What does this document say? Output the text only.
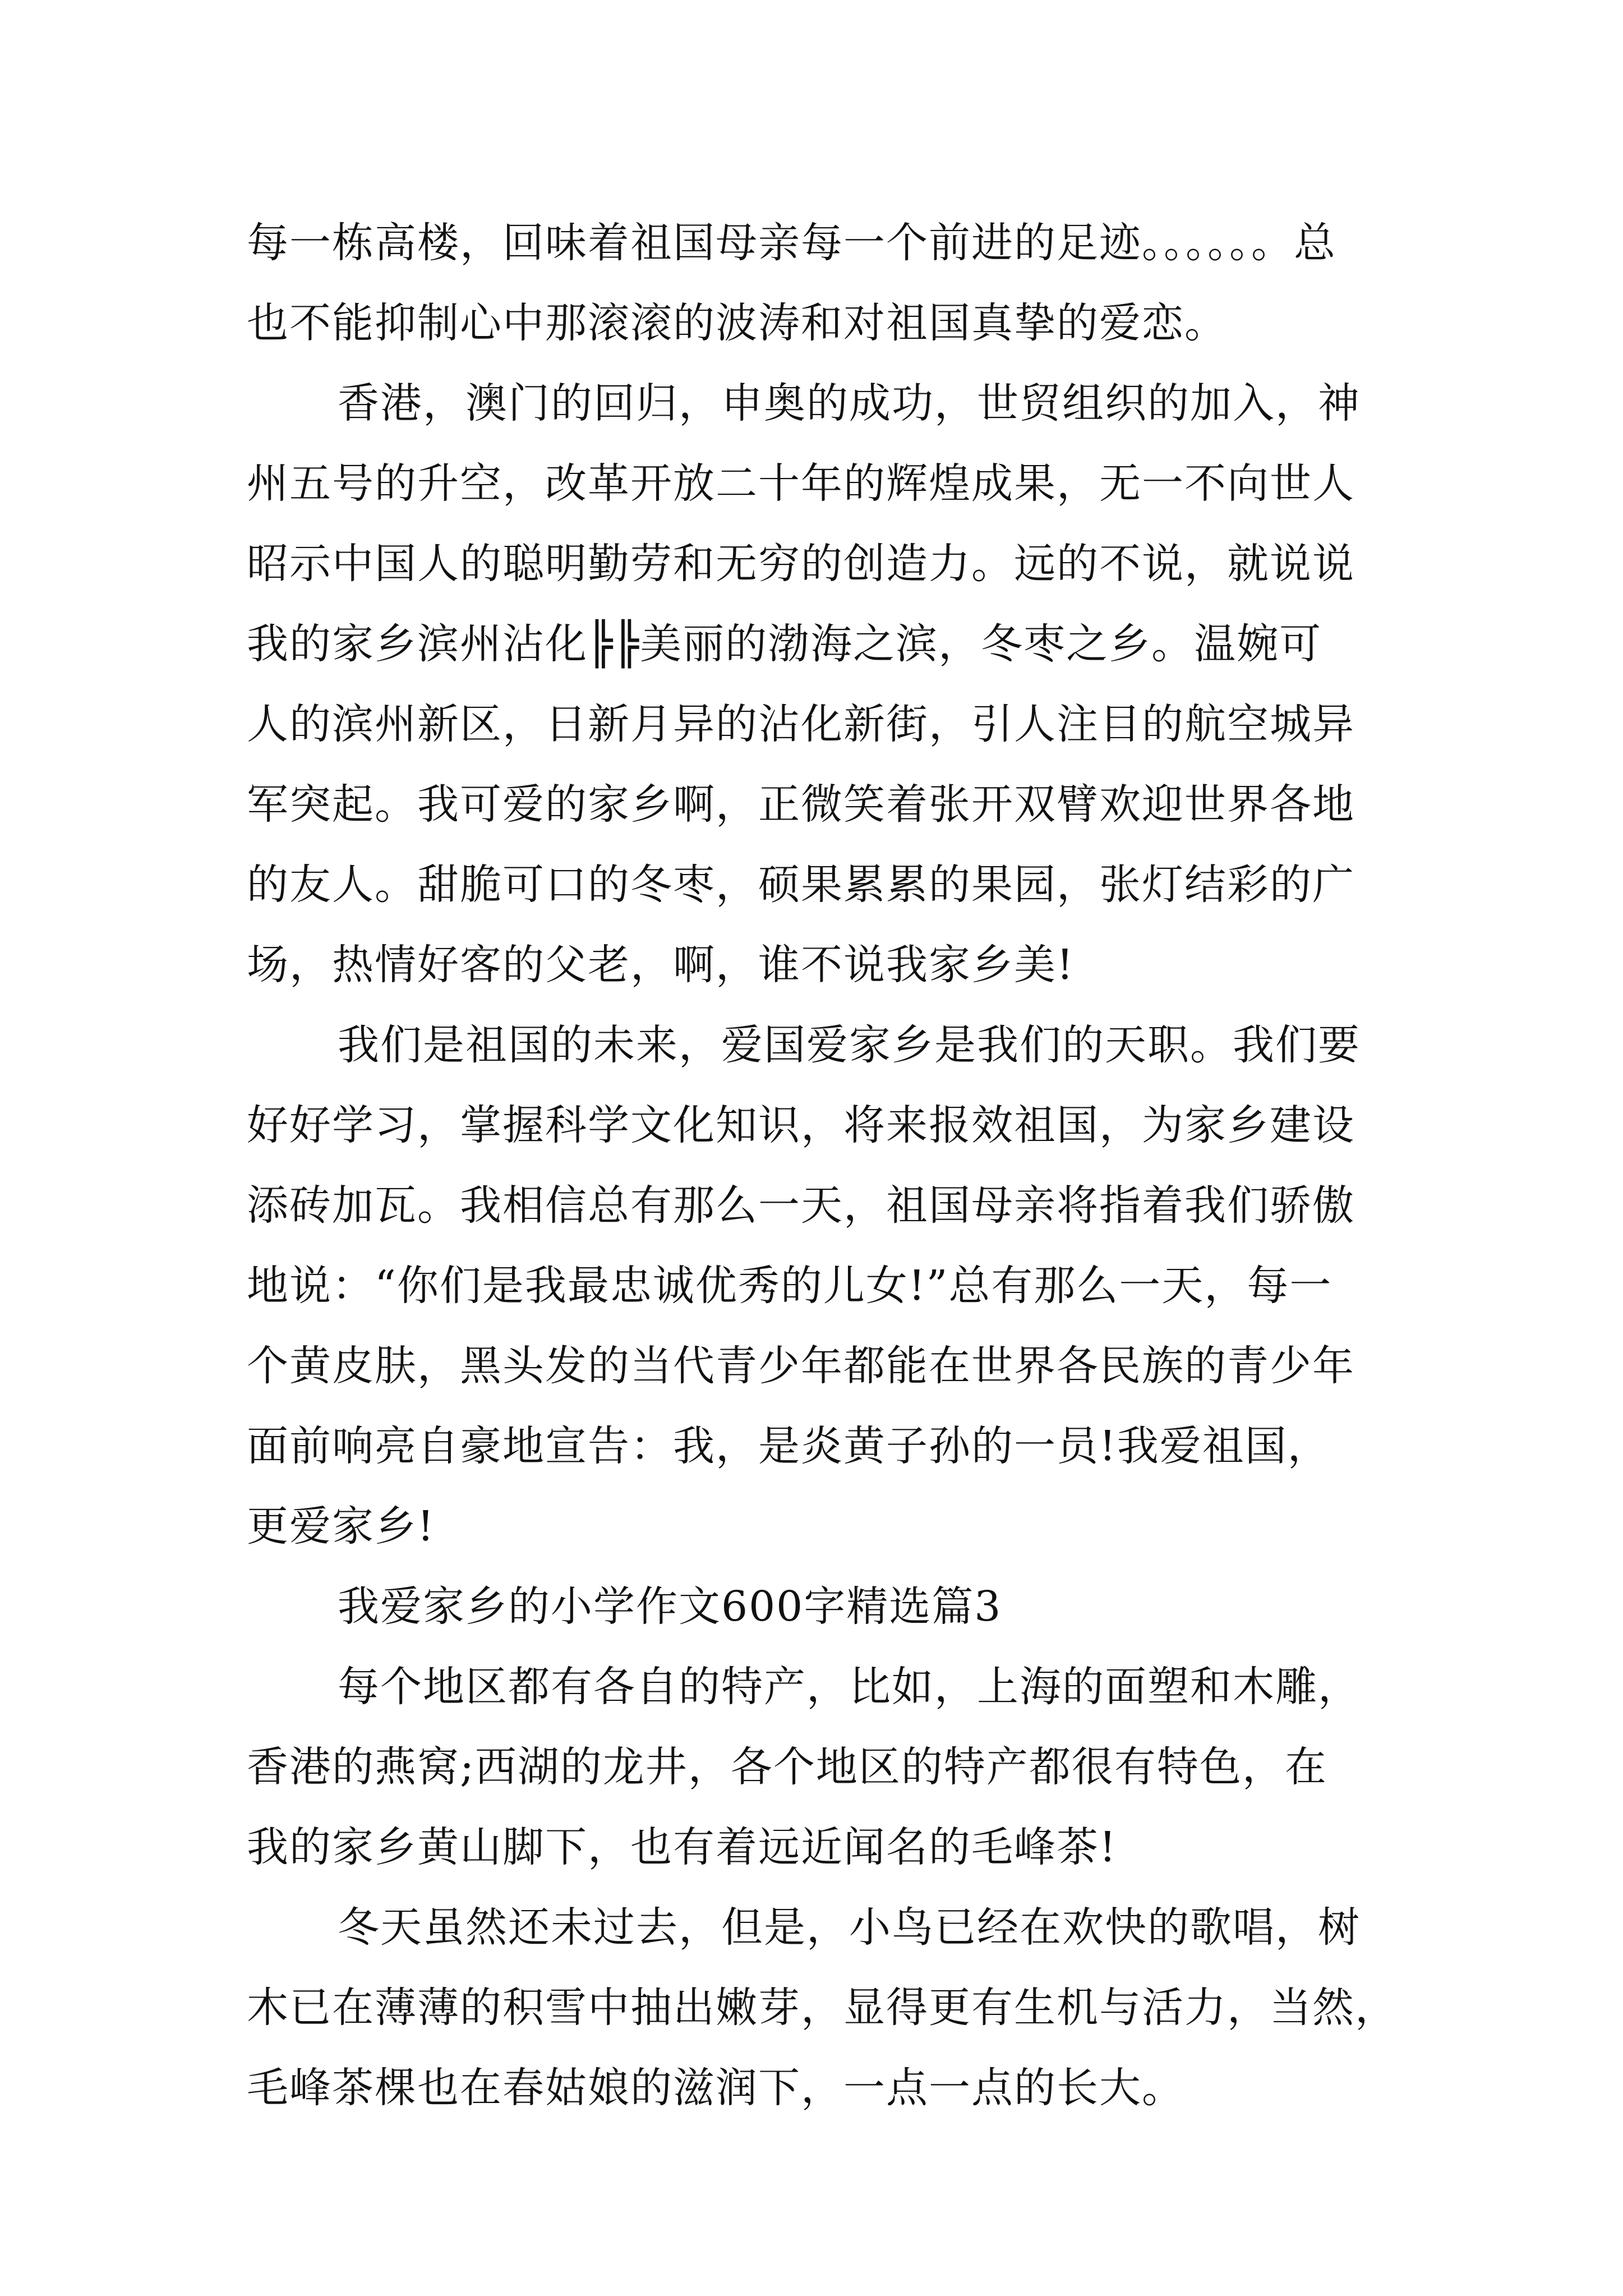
每一栋高楼，回味着祖国母亲每一个前进的足迹。。。。。。总
也不能抑制心中那滚滚的波涛和对祖国真挚的爱恋。
香港，澳门的回归，申奥的成功，世贸组织的加入，神
州五号的升空，改革开放二十年的辉煌成果，无一不向世人
昭示中国人的聪明勤劳和无穷的创造力。远的不说，就说说
我的家乡滨州沾化╠╠美丽的渤海之滨，冬枣之乡。温婉可
人的滨州新区，日新月异的沾化新街，引人注目的航空城异
军突起。我可爱的家乡啊，正微笑着张开双臂欢迎世界各地
的友人。甜脆可口的冬枣，硕果累累的果园，张灯结彩的广
场，热情好客的父老，啊，谁不说我家乡美!
我们是祖国的未来，爱国爱家乡是我们的天职。我们要
好好学习，掌握科学文化知识，将来报效祖国，为家乡建设
添砖加瓦。我相信总有那么一天，祖国母亲将指着我们骄傲
地说：“你们是我最忠诚优秀的儿女!”总有那么一天，每一
个黄皮肤，黑头发的当代青少年都能在世界各民族的青少年
面前响亮自豪地宣告：我，是炎黄子孙的一员!我爱祖国，
更爱家乡!
我爱家乡的小学作文600字精选篇3
每个地区都有各自的特产，比如，上海的面塑和木雕，
香港的燕窝;西湖的龙井，各个地区的特产都很有特色，在
我的家乡黄山脚下，也有着远近闻名的毛峰茶!
冬天虽然还未过去，但是，小鸟已经在欢快的歌唱，树
木已在薄薄的积雪中抽出嫩芽，显得更有生机与活力，当然，
毛峰茶棵也在春姑娘的滋润下，一点一点的长大。
